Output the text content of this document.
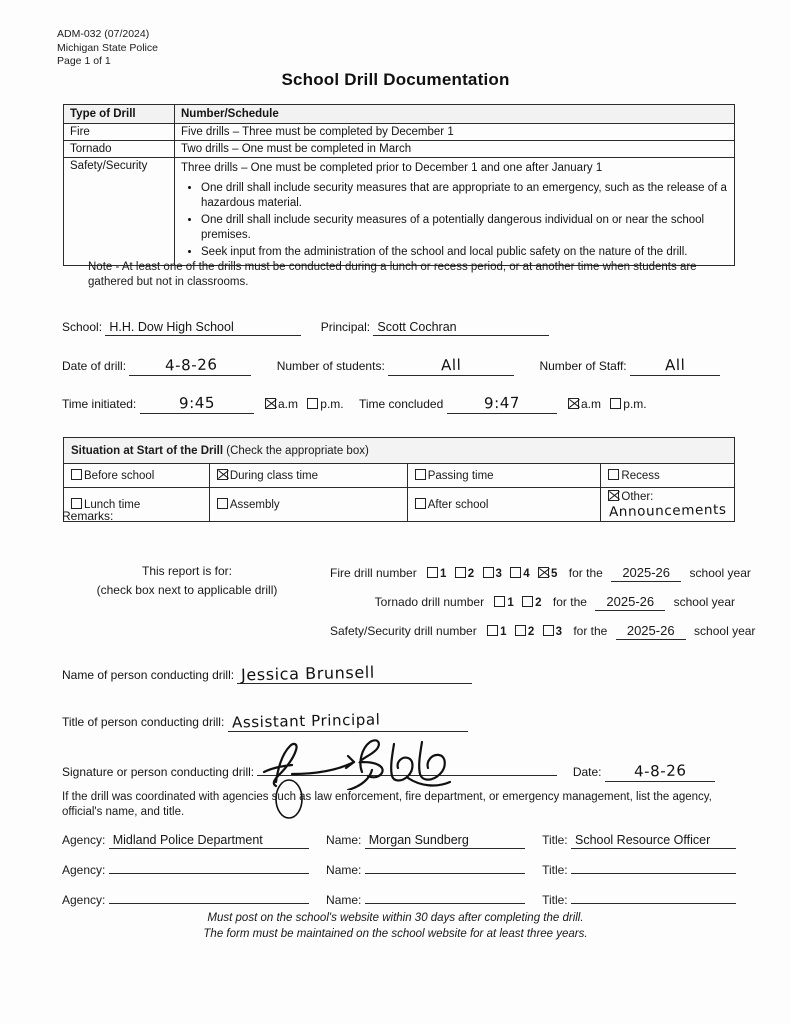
ADM-032 (07/2024)
Michigan State Police
Page 1 of 1
School Drill Documentation
Type of Drill	Number/Schedule
Fire	Five drills – Three must be completed by December 1
Tornado	Two drills – One must be completed in March
Safety/Security	Three drills – One must be completed prior to December 1 and one after January 1
• One drill shall include security measures that are appropriate to an emergency, such as the release of a hazardous material.
• One drill shall include security measures of a potentially dangerous individual on or near the school premises.
• Seek input from the administration of the school and local public safety on the nature of the drill.
Note - At least one of the drills must be conducted during a lunch or recess period, or at another time when students are gathered but not in classrooms.
School: H.H. Dow High School	Principal: Scott Cochran
Date of drill:	4-8-26	Number of students:	All	Number of Staff:	All
Time initiated:	9:45	a.m p.m. Time concluded	9:47	a.m p.m.
Situation at Start of the Drill (Check the appropriate box)			
Before school	During class time	Passing time	Recess
Lunch time	Assembly	After school	Other:Announcements
Remarks:
This report is for:
(check box next to applicable drill)
Fire drill number 1 2 3 4 5 for the 2025-26 school year
Tornado drill number 1 2 for the 2025-26 school year
Safety/Security drill number 1 2 3 for the 2025-26 school year
Name of person conducting drill: Jessica Brunsell
Title of person conducting drill: Assistant Principal
Signature or person conducting drill:	Date: 4-8-26
If the drill was coordinated with agencies such as law enforcement, fire department, or emergency management, list the agency, official's name, and title.
Agency: Midland Police Department	Name: Morgan Sundberg	Title: School Resource Officer
Agency:	Name:	Title:
Agency:	Name:	Title:
Must post on the school's website within 30 days after completing the drill.
The form must be maintained on the school website for at least three years.
